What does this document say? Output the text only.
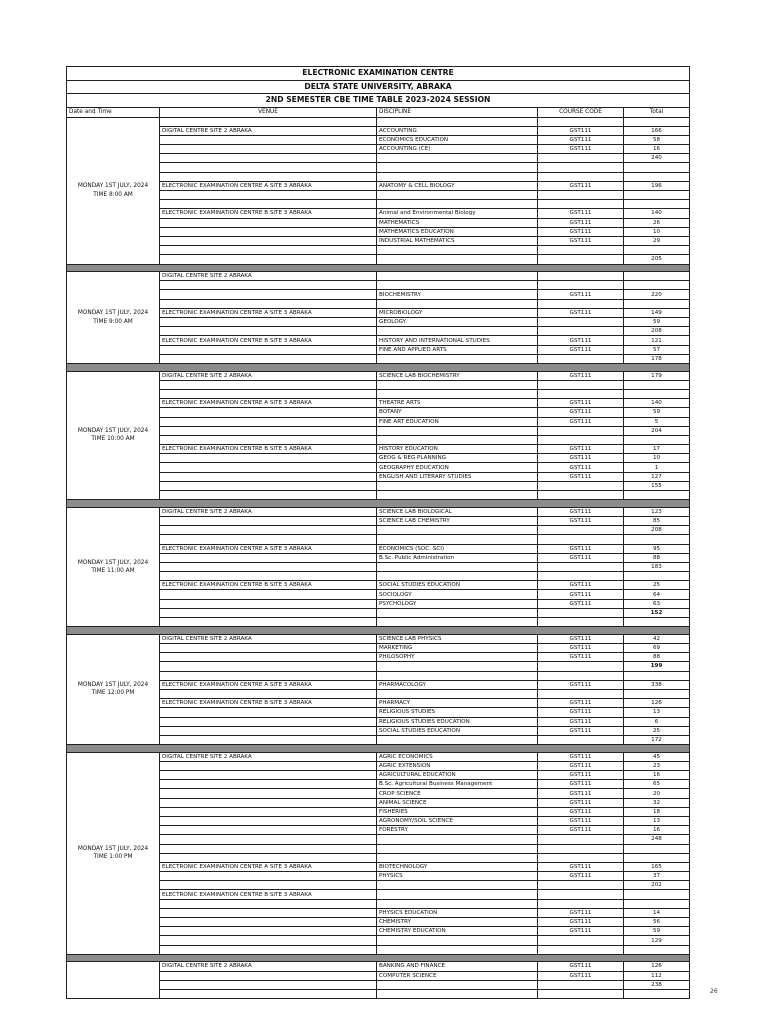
ELECTRONIC EXAMINATION CENTRE				
DELTA STATE UNIVERSITY, ABRAKA				
2ND SEMESTER CBE TIME TABLE 2023-2024 SESSION				
Date and Time	VENUE	DISCIPLINE	COURSE CODE	Total

MONDAY 1ST JULY, 2024
TIME 8:00 AM				

	DIGITAL CENTRE SITE 2 ABRAKA	ACCOUNTING	GST111	166
		ECONOMICS EDUCATION	GST111	58
		ACCOUNTING (CE)	GST111	16
				240

	ELECTRONIC EXAMINATION CENTRE A SITE 3 ABRAKA	ANATOMY & CELL BIOLOGY	GST111	196

	ELECTRONIC EXAMINATION CENTRE B SITE 3 ABRAKA	Animal and Environmental Biology	GST111	140
		MATHEMATICS	GST111	26
		MATHEMATICS EDUCATION	GST111	10
		INDUSTRIAL MATHEMATICS	GST111	29

				205

MONDAY 1ST JULY, 2024
TIME 9:00 AM	DIGITAL CENTRE SITE 2 ABRAKA			

		BIOCHEMISTRY	GST111	220

	ELECTRONIC EXAMINATION CENTRE A SITE 3 ABRAKA	MICROBIOLOGY	GST111	149
		GEOLOGY		59
				208
	ELECTRONIC EXAMINATION CENTRE B SITE 3 ABRAKA	HISTORY AND INTERNATIONAL STUDIES	GST111	121
		FINE AND APPLIED ARTS	GST111	57
				178

MONDAY 1ST JULY, 2024
TIME 10:00 AM	DIGITAL CENTRE SITE 2 ABRAKA	SCIENCE LAB BIOCHEMISTRY	GST111	179

	ELECTRONIC EXAMINATION CENTRE A SITE 3 ABRAKA	THEATRE ARTS	GST111	140
		BOTANY	GST111	59
		FINE ART EDUCATION	GST111	5
				204

	ELECTRONIC EXAMINATION CENTRE B SITE 3 ABRAKA	HISTORY EDUCATION	GST111	17
		GEOG & REG PLANNING	GST111	10
		GEOGRAPHY EDUCATION	GST111	1
		ENGLISH AND LITERARY STUDIES	GST111	127
				155

MONDAY 1ST JULY, 2024
TIME 11:00 AM	DIGITAL CENTRE SITE 2 ABRAKA	SCIENCE LAB BIOLOGICAL	GST111	123
		SCIENCE LAB CHEMISTRY	GST111	85
				208

	ELECTRONIC EXAMINATION CENTRE A SITE 3 ABRAKA	ECONOMICS (SOC. SCI)	GST111	95
		B.Sc. Public Administration	GST111	88
				183

	ELECTRONIC EXAMINATION CENTRE B SITE 3 ABRAKA	SOCIAL STUDIES EDUCATION	GST111	25
		SOCIOLOGY	GST111	64
		PSYCHOLOGY	GST111	63
				152

MONDAY 1ST JULY, 2024
TIME 12:00 PM	DIGITAL CENTRE SITE 2 ABRAKA	SCIENCE LAB PHYSICS	GST111	42
		MARKETING	GST111	69
		PHILOSOPHY	GST111	88
				199

	ELECTRONIC EXAMINATION CENTRE A SITE 3 ABRAKA	PHARMACOLOGY	GST111	338

	ELECTRONIC EXAMINATION CENTRE B SITE 3 ABRAKA	PHARMACY	GST111	126
		RELIGIOUS STUDIES	GST111	13
		RELIGIOUS STUDIES EDUCATION	GST111	6
		SOCIAL STUDIES EDUCATION	GST111	25
				172

MONDAY 1ST JULY, 2024
TIME 1:00 PM	DIGITAL CENTRE SITE 2 ABRAKA	AGRIC ECONOMICS	GST111	45
		AGRIC EXTENSION	GST111	23
		AGRICULTURAL EDUCATION	GST111	16
		B.Sc. Agricultural Business Management	GST111	65
		CROP SCIENCE	GST111	20
		ANIMAL SCIENCE	GST111	32
		FISHERIES	GST111	18
		AGRONOMY/SOIL SCIENCE	GST111	13
		FORESTRY	GST111	16
				248

	ELECTRONIC EXAMINATION CENTRE A SITE 3 ABRAKA	BIOTECHNOLOGY	GST111	165
		PHYSICS	GST111	37
				202
	ELECTRONIC EXAMINATION CENTRE B SITE 3 ABRAKA			

		PHYSICS EDUCATION	GST111	14
		CHEMISTRY	GST111	56
		CHEMISTRY EDUCATION	GST111	59
				129

	DIGITAL CENTRE SITE 2 ABRAKA	BANKING AND FINANCE	GST111	126
		COMPUTER SCIENCE	GST111	112
				238

26
